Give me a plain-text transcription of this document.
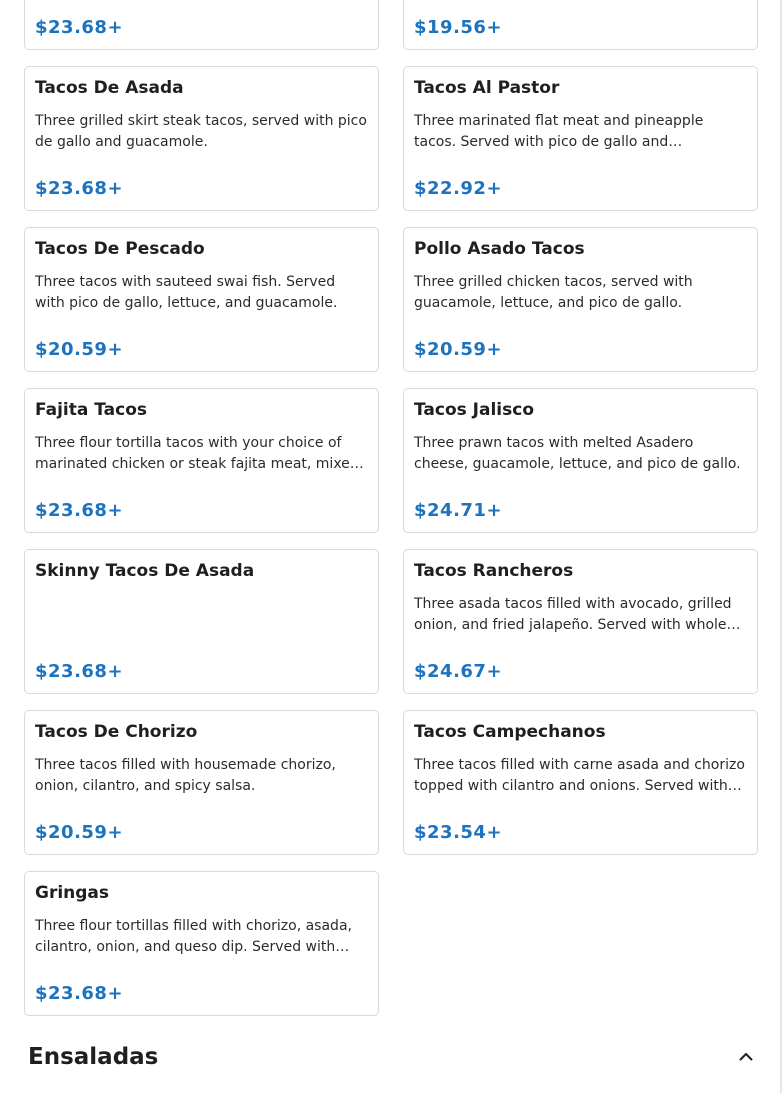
$23.68+	$19.56+
Tacos De Asada
Three grilled skirt steak tacos, served with pico de gallo and guacamole.
$23.68+
Tacos Al Pastor
Three marinated flat meat and pineapple tacos. Served with pico de gallo and…
$22.92+
Tacos De Pescado
Three tacos with sauteed swai fish. Served with pico de gallo, lettuce, and guacamole.
$20.59+
Pollo Asado Tacos
Three grilled chicken tacos, served with guacamole, lettuce, and pico de gallo.
$20.59+
Fajita Tacos
Three flour tortilla tacos with your choice of marinated chicken or steak fajita meat, mixe…
$23.68+
Tacos Jalisco
Three prawn tacos with melted Asadero cheese, guacamole, lettuce, and pico de gallo.
$24.71+
Skinny Tacos De Asada
$23.68+
Tacos Rancheros
Three asada tacos filled with avocado, grilled onion, and fried jalapeño. Served with whole…
$24.67+
Tacos De Chorizo
Three tacos filled with housemade chorizo, onion, cilantro, and spicy salsa.
$20.59+
Tacos Campechanos
Three tacos filled with carne asada and chorizo topped with cilantro and onions. Served with…
$23.54+
Gringas
Three flour tortillas filled with chorizo, asada, cilantro, onion, and queso dip. Served with…
$23.68+
Ensaladas
